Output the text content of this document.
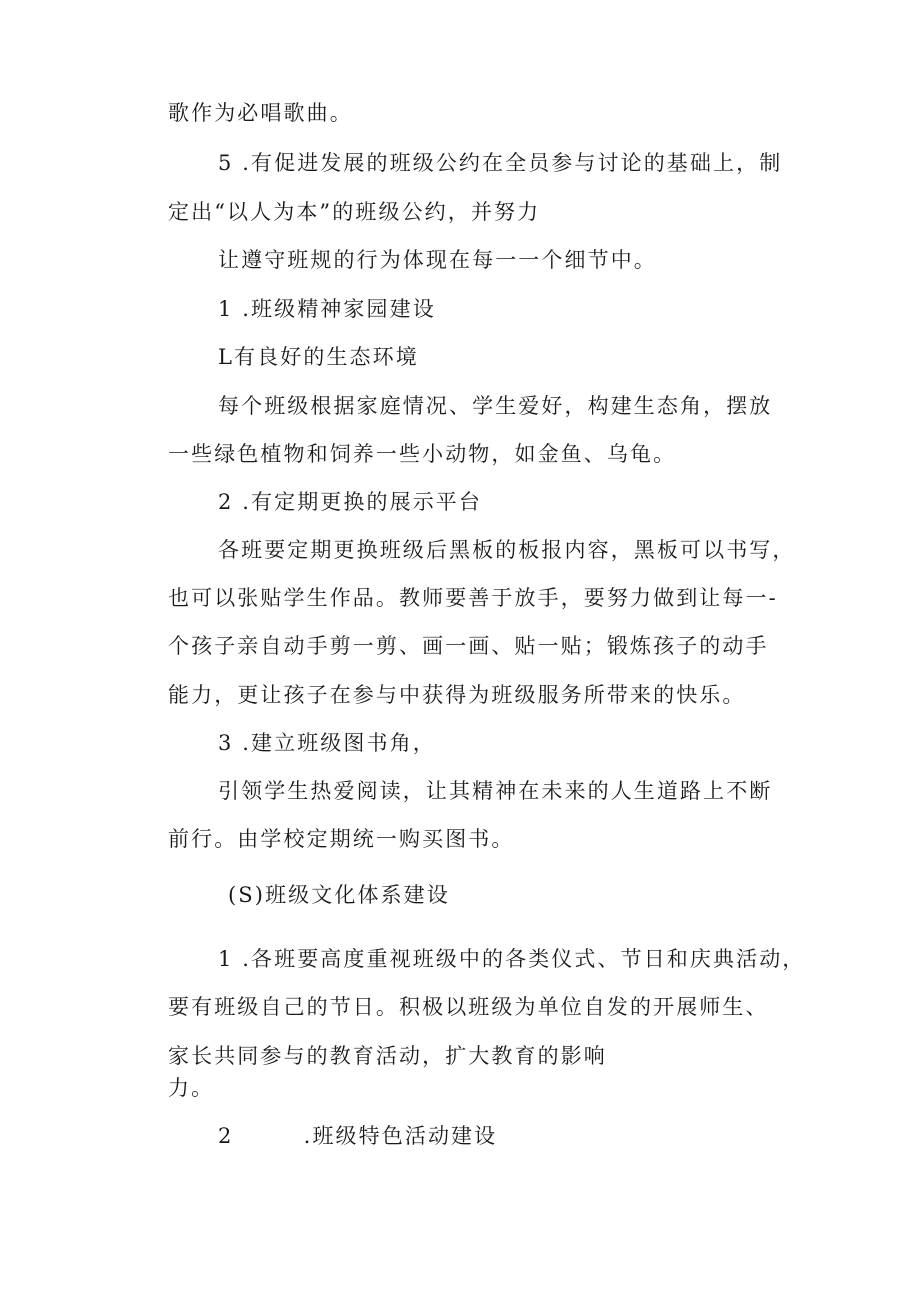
歌作为必唱歌曲。

5 .有促进发展的班级公约在全员参与讨论的基础上，制

定出“以人为本”的班级公约，并努力

让遵守班规的行为体现在每一一个细节中。

1 .班级精神家园建设

L有良好的生态环境

每个班级根据家庭情况、学生爱好，构建生态角，摆放

一些绿色植物和饲养一些小动物，如金鱼、乌龟。

2 .有定期更换的展示平台

各班要定期更换班级后黑板的板报内容，黑板可以书写，

也可以张贴学生作品。教师要善于放手，要努力做到让每一-

个孩子亲自动手剪一剪、画一画、贴一贴；锻炼孩子的动手

能力，更让孩子在参与中获得为班级服务所带来的快乐。

3 .建立班级图书角，

引领学生热爱阅读，让其精神在未来的人生道路上不断

前行。由学校定期统一购买图书。

(S)班级文化体系建设

1 .各班要高度重视班级中的各类仪式、节日和庆典活动，

要有班级自己的节日。积极以班级为单位自发的开展师生、

家长共同参与的教育活动，扩大教育的影响

力。

2        .班级特色活动建设
